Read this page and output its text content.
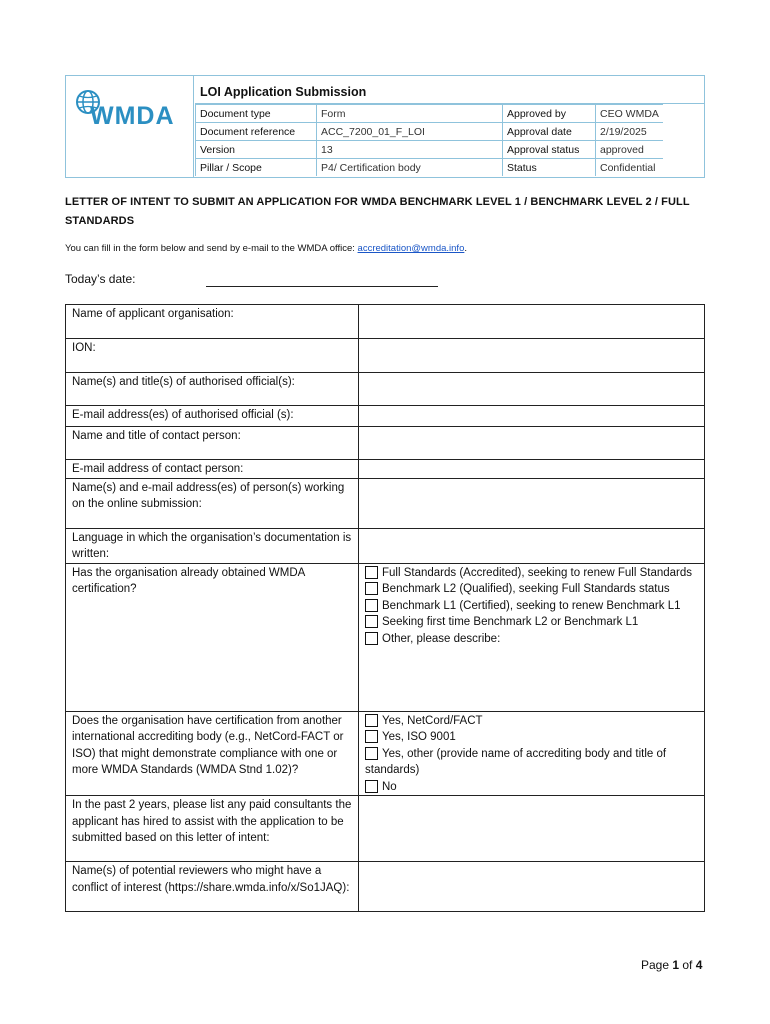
WMDA
LOI Application Submission
Document type	Form	Approved by	CEO WMDA
Document reference	ACC_7200_01_F_LOI	Approval date	2/19/2025
Version	13	Approval status	approved
Pillar / Scope	P4/ Certification body	Status	Confidential
LETTER OF INTENT TO SUBMIT AN APPLICATION FOR WMDA BENCHMARK LEVEL 1 / BENCHMARK LEVEL 2 / FULL STANDARDS
You can fill in the form below and send by e-mail to the WMDA office: accreditation@wmda.info.
Today’s date:
Name of applicant organisation:	
ION:	
Name(s) and title(s) of authorised official(s):	
E-mail address(es) of authorised official (s):	
Name and title of contact person:	
E-mail address of contact person:	
Name(s) and e-mail address(es) of person(s) working on the online submission:	
Language in which the organisation’s documentation is written:	
Has the organisation already obtained WMDA certification?	Full Standards (Accredited), seeking to renew Full Standards
Benchmark L2 (Qualified), seeking Full Standards status
Benchmark L1 (Certified), seeking to renew Benchmark L1
Seeking first time Benchmark L2 or Benchmark L1
Other, please describe:

Does the organisation have certification from another international accrediting body (e.g., NetCord-FACT or ISO) that might demonstrate compliance with one or more WMDA Standards (WMDA Stnd 1.02)?	Yes, NetCord/FACT
Yes, ISO 9001
Yes, other (provide name of accrediting body and title of standards)
No

In the past 2 years, please list any paid consultants the applicant has hired to assist with the application to be submitted based on this letter of intent:	
Name(s) of potential reviewers who might have a conflict of interest (https://share.wmda.info/x/So1JAQ):	
Page 1 of 4
